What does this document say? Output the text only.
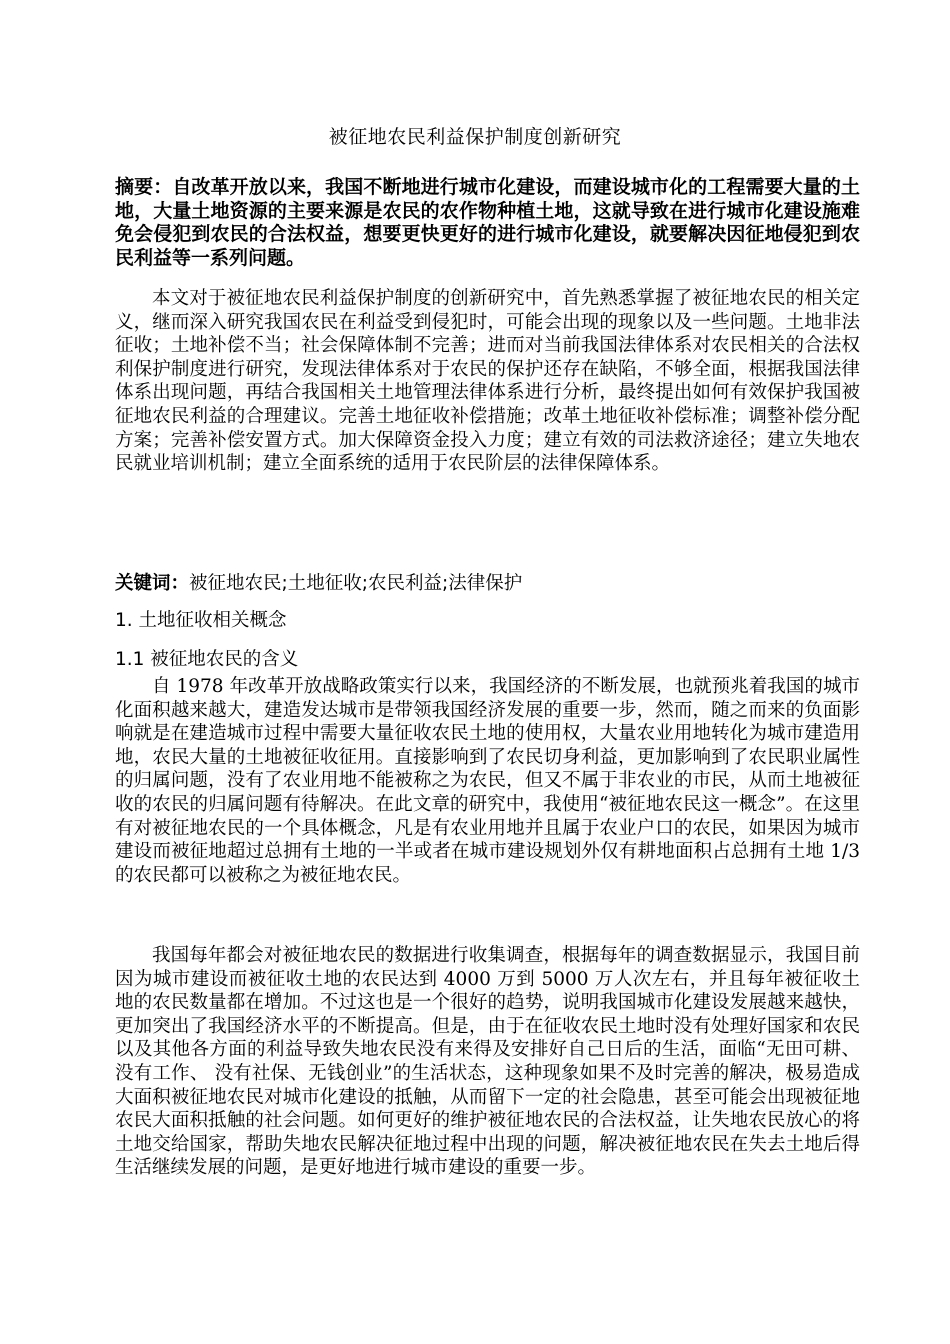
被征地农民利益保护制度创新研究

摘要：自改革开放以来，我国不断地进行城市化建设，而建设城市化的工程需要大量的土地，大量土地资源的主要来源是农民的农作物种植土地，这就导致在进行城市化建设施难免会侵犯到农民的合法权益，想要更快更好的进行城市化建设，就要解决因征地侵犯到农民利益等一系列问题。

本文对于被征地农民利益保护制度的创新研究中，首先熟悉掌握了被征地农民的相关定义，继而深入研究我国农民在利益受到侵犯时，可能会出现的现象以及一些问题。土地非法征收；土地补偿不当；社会保障体制不完善；进而对当前我国法律体系对农民相关的合法权利保护制度进行研究，发现法律体系对于农民的保护还存在缺陷，不够全面，根据我国法律体系出现问题，再结合我国相关土地管理法律体系进行分析，最终提出如何有效保护我国被征地农民利益的合理建议。完善土地征收补偿措施；改革土地征收补偿标准；调整补偿分配方案；完善补偿安置方式。加大保障资金投入力度；建立有效的司法救济途径；建立失地农民就业培训机制；建立全面系统的适用于农民阶层的法律保障体系。

关键词：被征地农民;土地征收;农民利益;法律保护

1. 土地征收相关概念

1.1 被征地农民的含义

自 1978 年改革开放战略政策实行以来，我国经济的不断发展，也就预兆着我国的城市化面积越来越大，建造发达城市是带领我国经济发展的重要一步，然而，随之而来的负面影响就是在建造城市过程中需要大量征收农民土地的使用权，大量农业用地转化为城市建造用地，农民大量的土地被征收征用。直接影响到了农民切身利益，更加影响到了农民职业属性的归属问题，没有了农业用地不能被称之为农民，但又不属于非农业的市民，从而土地被征收的农民的归属问题有待解决。在此文章的研究中，我使用“被征地农民这一概念”。在这里有对被征地农民的一个具体概念，凡是有农业用地并且属于农业户口的农民，如果因为城市建设而被征地超过总拥有土地的一半或者在城市建设规划外仅有耕地面积占总拥有土地 1/3 的农民都可以被称之为被征地农民。

我国每年都会对被征地农民的数据进行收集调查，根据每年的调查数据显示，我国目前因为城市建设而被征收土地的农民达到 4000 万到 5000 万人次左右，并且每年被征收土地的农民数量都在增加。不过这也是一个很好的趋势，说明我国城市化建设发展越来越快，更加突出了我国经济水平的不断提高。但是，由于在征收农民土地时没有处理好国家和农民以及其他各方面的利益导致失地农民没有来得及安排好自己日后的生活，面临“无田可耕、没有工作、 没有社保、无钱创业”的生活状态，这种现象如果不及时完善的解决，极易造成大面积被征地农民对城市化建设的抵触，从而留下一定的社会隐患，甚至可能会出现被征地农民大面积抵触的社会问题。如何更好的维护被征地农民的合法权益，让失地农民放心的将土地交给国家，帮助失地农民解决征地过程中出现的问题，解决被征地农民在失去土地后得生活继续发展的问题，是更好地进行城市建设的重要一步。
